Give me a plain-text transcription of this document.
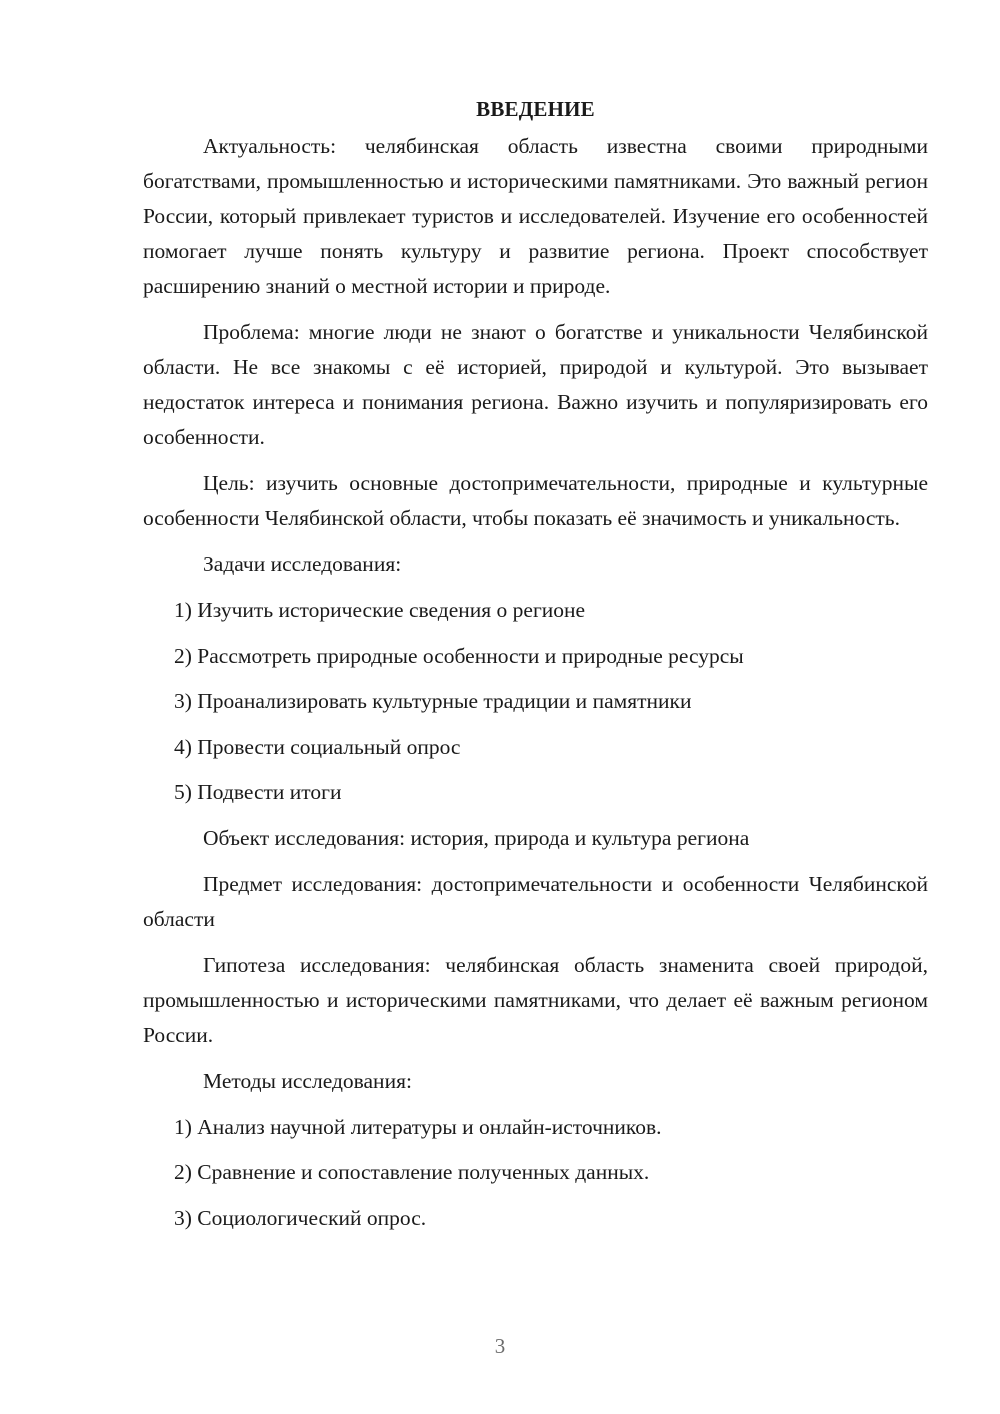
ВВЕДЕНИЕ

Актуальность: челябинская область известна своими природными богатствами, промышленностью и историческими памятниками. Это важный регион России, который привлекает туристов и исследователей. Изучение его особенностей помогает лучше понять культуру и развитие региона. Проект способствует расширению знаний о местной истории и природе.

Проблема: многие люди не знают о богатстве и уникальности Челябинской области. Не все знакомы с её историей, природой и культурой. Это вызывает недостаток интереса и понимания региона. Важно изучить и популяризировать его особенности.

Цель: изучить основные достопримечательности, природные и культурные особенности Челябинской области, чтобы показать её значимость и уникальность.

Задачи исследования:

1) Изучить исторические сведения о регионе
2) Рассмотреть природные особенности и природные ресурсы
3) Проанализировать культурные традиции и памятники
4) Провести социальный опрос
5) Подвести итоги

Объект исследования: история, природа и культура региона

Предмет исследования: достопримечательности и особенности Челябинской области

Гипотеза исследования: челябинская область знаменита своей природой, промышленностью и историческими памятниками, что делает её важным регионом России.

Методы исследования:

1) Анализ научной литературы и онлайн-источников.
2) Сравнение и сопоставление полученных данных.
3) Социологический опрос.
3
